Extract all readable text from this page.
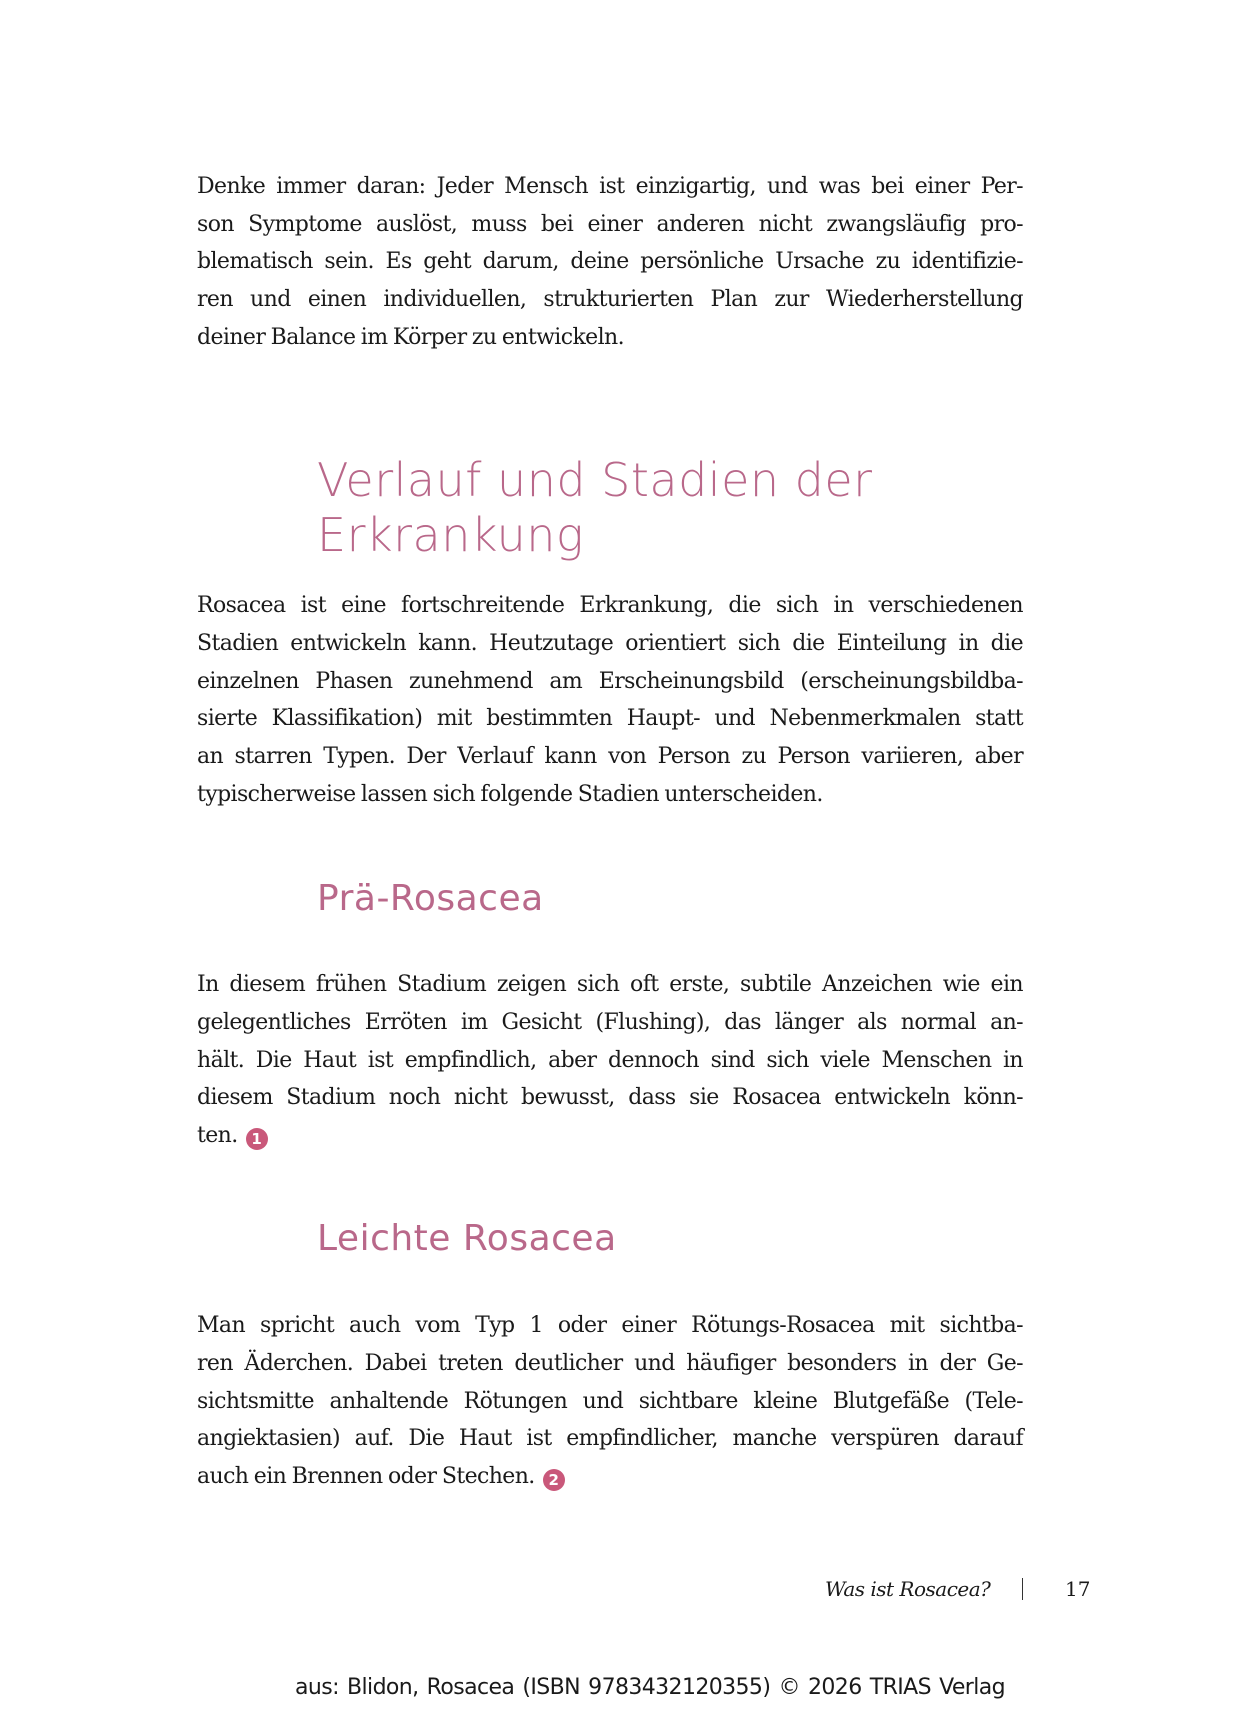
Denke immer daran: Jeder Mensch ist einzigartig, und was bei einer Per-
son Symptome auslöst, muss bei einer anderen nicht zwangsläufig pro-
blematisch sein. Es geht darum, deine persönliche Ursache zu identifizie-
ren und einen individuellen, strukturierten Plan zur Wiederherstellung
deiner Balance im Körper zu entwickeln.
Verlauf und Stadien der
Erkrankung
Rosacea ist eine fortschreitende Erkrankung, die sich in verschiedenen
Stadien entwickeln kann. Heutzutage orientiert sich die Einteilung in die
einzelnen Phasen zunehmend am Erscheinungsbild (erscheinungsbildba-
sierte Klassifikation) mit bestimmten Haupt- und Nebenmerkmalen statt
an starren Typen. Der Verlauf kann von Person zu Person variieren, aber
typischerweise lassen sich folgende Stadien unterscheiden.
Prä-Rosacea
In diesem frühen Stadium zeigen sich oft erste, subtile Anzeichen wie ein
gelegentliches Erröten im Gesicht (Flushing), das länger als normal an-
hält. Die Haut ist empfindlich, aber dennoch sind sich viele Menschen in
diesem Stadium noch nicht bewusst, dass sie Rosacea entwickeln könn-
ten. 1
Leichte Rosacea
Man spricht auch vom Typ 1 oder einer Rötungs-Rosacea mit sichtba-
ren Äderchen. Dabei treten deutlicher und häufiger besonders in der Ge-
sichtsmitte anhaltende Rötungen und sichtbare kleine Blutgefäße (Tele-
angiektasien) auf. Die Haut ist empfindlicher, manche verspüren darauf
auch ein Brennen oder Stechen. 2
Was ist Rosacea?	17
aus: Blidon, Rosacea (ISBN 9783432120355) © 2026 TRIAS Verlag
